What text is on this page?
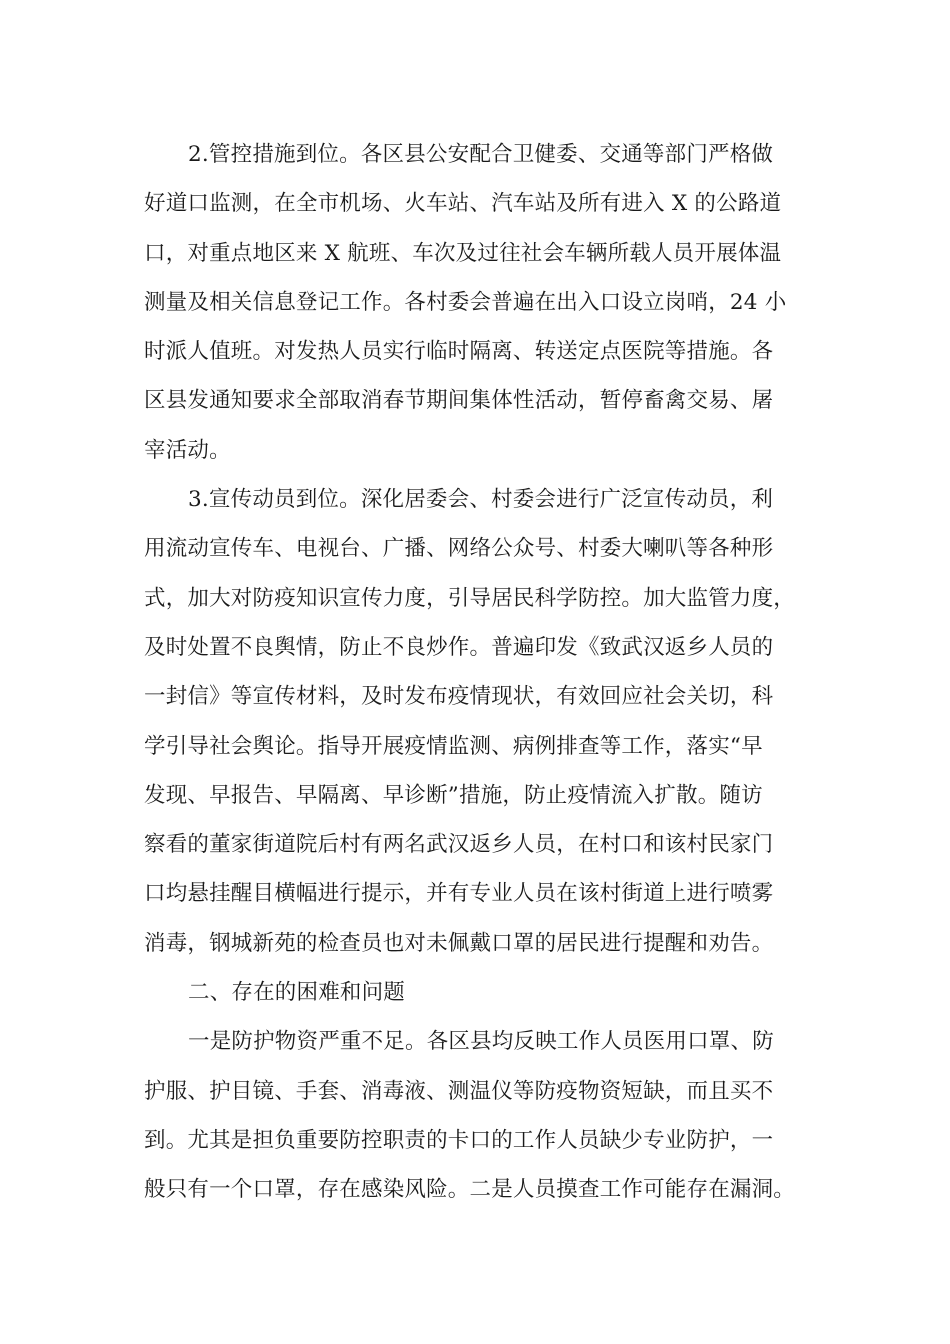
2.管控措施到位。各区县公安配合卫健委、交通等部门严格做
好道口监测，在全市机场、火车站、汽车站及所有进入 X 的公路道
口，对重点地区来 X 航班、车次及过往社会车辆所载人员开展体温
测量及相关信息登记工作。各村委会普遍在出入口设立岗哨，24 小
时派人值班。对发热人员实行临时隔离、转送定点医院等措施。各
区县发通知要求全部取消春节期间集体性活动，暂停畜禽交易、屠
宰活动。
3.宣传动员到位。深化居委会、村委会进行广泛宣传动员，利
用流动宣传车、电视台、广播、网络公众号、村委大喇叭等各种形
式，加大对防疫知识宣传力度，引导居民科学防控。加大监管力度，
及时处置不良舆情，防止不良炒作。普遍印发《致武汉返乡人员的
一封信》等宣传材料，及时发布疫情现状，有效回应社会关切，科
学引导社会舆论。指导开展疫情监测、病例排查等工作，落实“早
发现、早报告、早隔离、早诊断”措施，防止疫情流入扩散。随访
察看的董家街道院后村有两名武汉返乡人员，在村口和该村民家门
口均悬挂醒目横幅进行提示，并有专业人员在该村街道上进行喷雾
消毒，钢城新苑的检查员也对未佩戴口罩的居民进行提醒和劝告。
二、存在的困难和问题
一是防护物资严重不足。各区县均反映工作人员医用口罩、防
护服、护目镜、手套、消毒液、测温仪等防疫物资短缺，而且买不
到。尤其是担负重要防控职责的卡口的工作人员缺少专业防护，一
般只有一个口罩，存在感染风险。二是人员摸查工作可能存在漏洞。
